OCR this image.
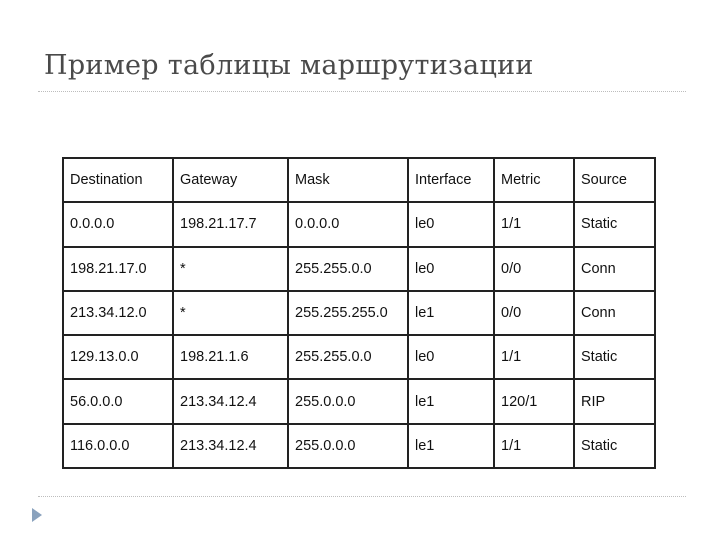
Пример таблицы маршрутизации
Destination	Gateway	Mask	Interface	Metric	Source
0.0.0.0	198.21.17.7	0.0.0.0	le0	1/1	Static
198.21.17.0	*	255.255.0.0	le0	0/0	Conn
213.34.12.0	*	255.255.255.0	le1	0/0	Conn
129.13.0.0	198.21.1.6	255.255.0.0	le0	1/1	Static
56.0.0.0	213.34.12.4	255.0.0.0	le1	120/1	RIP
116.0.0.0	213.34.12.4	255.0.0.0	le1	1/1	Static
